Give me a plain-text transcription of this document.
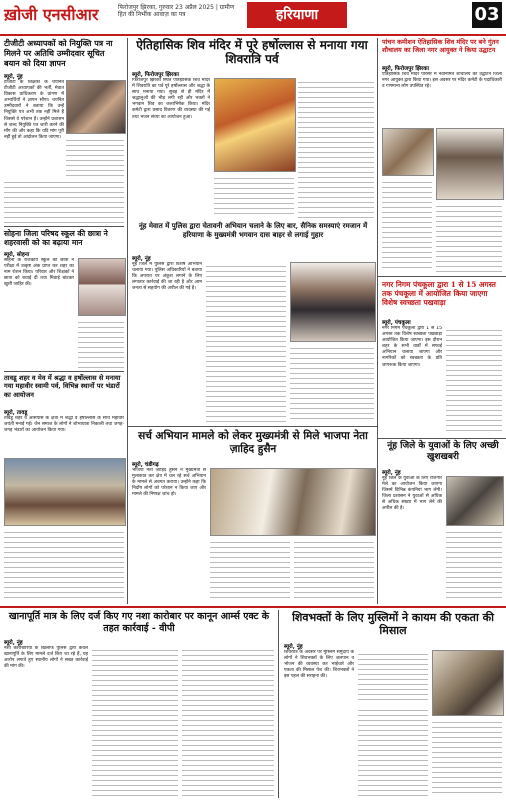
ख़ोजी एनसीआर	फिरोजपुर झिरका, गुरुवार 23 अप्रैल 2025 | ग्रामीण हित की निर्भीक आवाज़ का पत्र	हरियाणा	03
टीजीटी अध्यापकों को नियुक्ति पत्र ना मिलने पर अतिथि उम्मीदवार सूचित बयान को दिया ज्ञापन
ब्यूरो, नूंह
टीजीटी के शिक्षकों के चयनित टीजीटी अध्यापकों की भर्ती, मेवात विकास प्राधिकरण के प्रांगण में अभ्यर्थियों ने ज्ञापन सौंपा। चयनित उम्मीदवारों ने बताया कि उन्हें नियुक्ति पत्र अभी तक नहीं मिले हैं जिससे वे परेशान हैं। उन्होंने प्रशासन से जल्द नियुक्ति पत्र जारी करने की माँग की और कहा कि यदि मांग पूरी नहीं हुई तो आंदोलन किया जाएगा।
सोहना जिला परिषद स्कूल की छात्रा ने शहरवासी को का बढ़ाया मान
ब्यूरो, सोहना
सोहना के राजकीय स्कूल की छात्रा ने परीक्षा में उत्कृष्ट अंक प्राप्त कर शहर का नाम रोशन किया। परिवार और शिक्षकों ने छात्रा को बधाई दी तथा मिठाई बांटकर खुशी जाहिर की।
तावडू शहर व मेव में श्रद्धा व हर्षोल्लास से मनाया गया महावीर स्वामी पर्व, विभिन्न स्थानों पर भंडारों का आयोजन
ब्यूरो, तावडू
तावडू शहर व आसपास के क्षेत्रों में श्रद्धा व हर्षोल्लास के साथ महावीर जयंती मनाई गई। जैन समाज के लोगों ने शोभायात्रा निकाली तथा जगह-जगह भंडारों का आयोजन किया गया।
ऐतिहासिक शिव मंदिर में पूरे हर्षोल्लास से मनाया गया शिवरात्रि पर्व
ब्यूरो, फिरोजपुर झिरका
फिरोजपुर झिरका स्थित ऐतिहासिक शिव मंदिर में शिवरात्रि का पर्व पूरे हर्षोल्लास और श्रद्धा के साथ मनाया गया। सुबह से ही मंदिर में श्रद्धालुओं की भीड़ लगी रही और भक्तों ने भगवान शिव का जलाभिषेक किया। मंदिर कमेटी द्वारा प्रसाद वितरण की व्यवस्था की गई तथा भजन संध्या का आयोजन हुआ।
नूंह मेवात में पुलिस द्वारा चेतावनी अभियान चलाने के लिए बार, सैनिक समस्याएं रमजान में हरियाणा के मुख्यमंत्री भगवान दास बाहर से लगाई गुहार
ब्यूरो, नूंह
नूंह जिले में पुलिस द्वारा विशेष अभियान चलाया गया। पुलिस अधिकारियों ने बताया कि अपराध पर अंकुश लगाने के लिए लगातार कार्रवाई की जा रही है और आम जनता से सहयोग की अपील की गई है।
पांचन कमीशन ऐतिहासिक शिव मंदिर पर बने गुंतन शौचालय का जिला नगर आयुक्त ने किया उद्घाटन
ब्यूरो, फिरोजपुर झिरका
ऐतिहासिक शिव मंदिर परिसर में नवनिर्मित शौचालय का उद्घाटन जिला नगर आयुक्त द्वारा किया गया। इस अवसर पर मंदिर कमेटी के पदाधिकारी व गणमान्य लोग उपस्थित रहे।
नगर निगम पंचकूला द्वारा 1 से 15 अगस्त तक पंचकूला में आयोजित किया जाएगा विशेष स्वच्छता पखवाड़ा
ब्यूरो, पंचकूला
नगर निगम पंचकूला द्वारा 1 से 15 अगस्त तक विशेष स्वच्छता पखवाड़ा आयोजित किया जाएगा। इस दौरान शहर के सभी वार्डों में सफाई अभियान चलाया जाएगा और नागरिकों को स्वच्छता के प्रति जागरूक किया जाएगा।
नूंह जिले के युवाओं के लिए अच्छी खुशखबरी
ब्यूरो, नूंह
नूंह जिले के युवाओं के लिए रोजगार मेले का आयोजन किया जाएगा जिसमें विभिन्न कंपनियां भाग लेंगी। जिला प्रशासन ने युवाओं से अधिक से अधिक संख्या में भाग लेने की अपील की है।
सर्च अभियान मामले को लेकर मुख्यमंत्री से मिले भाजपा नेता ज़ाहिद हुसैन
ब्यूरो, चंडीगढ़
भाजपा नेता ज़ाहिद हुसैन ने मुख्यमंत्री से मुलाकात कर क्षेत्र में चल रहे सर्च अभियान के मामले से अवगत कराया। उन्होंने कहा कि निर्दोष लोगों को परेशान न किया जाए और मामले की निष्पक्ष जांच हो।
खानापूर्ति मात्र के लिए दर्ज किए गए नशा कारोबार पर कानून आर्म्स एक्ट के तहत कार्रवाई - वीपी
ब्यूरो, नूंह
नशा कारोबारियों के खिलाफ पुलिस द्वारा केवल खानापूर्ति के लिए मामले दर्ज किए जा रहे हैं, यह आरोप लगाते हुए स्थानीय लोगों ने सख्त कार्रवाई की मांग की।
शिवभक्तों के लिए मुस्लिमों ने कायम की एकता की मिसाल
ब्यूरो, नूंह
शिवरात्रि के अवसर पर मुस्लिम समुदाय के लोगों ने शिवभक्तों के लिए जलपान व भोजन की व्यवस्था कर भाईचारे और एकता की मिसाल पेश की। शिवभक्तों ने इस पहल की सराहना की।
